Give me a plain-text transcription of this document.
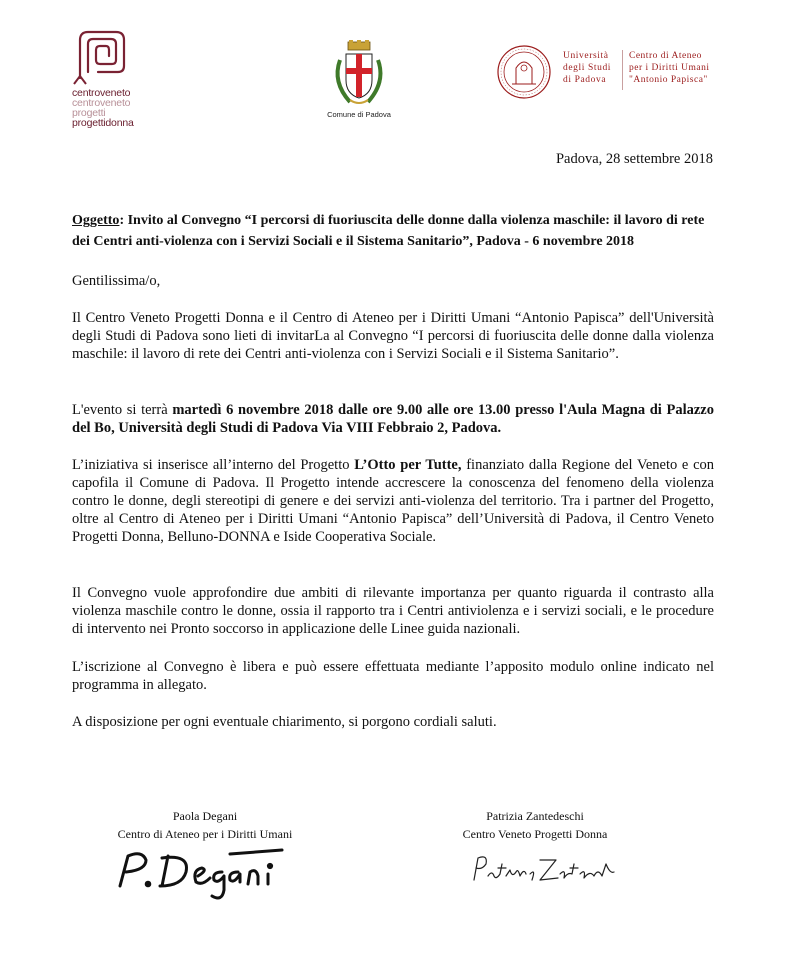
centroveneto
centroveneto progetti
progettidonna
Comune di Padova
Università
degli Studi
di Padova
Centro di Ateneo
per i Diritti Umani
"Antonio Papisca"
Padova, 28 settembre 2018
Oggetto: Invito al Convegno “I percorsi di fuoriuscita delle donne dalla violenza maschile: il lavoro di rete dei Centri anti-violenza con i Servizi Sociali e il Sistema Sanitario”, Padova - 6 novembre 2018
Gentilissima/o,
Il Centro Veneto Progetti Donna e il Centro di Ateneo per i Diritti Umani “Antonio Papisca” dell'Università degli Studi di Padova sono lieti di invitarLa al Convegno “I percorsi di fuoriuscita delle donne dalla violenza maschile: il lavoro di rete dei Centri anti-violenza con i Servizi Sociali e il Sistema Sanitario”.
L'evento si terrà martedì 6 novembre 2018 dalle ore 9.00 alle ore 13.00 presso l'Aula Magna di Palazzo del Bo, Università degli Studi di Padova Via VIII Febbraio 2, Padova.
L’iniziativa si inserisce all’interno del Progetto L’Otto per Tutte, finanziato dalla Regione del Veneto e con capofila il Comune di Padova. Il Progetto intende accrescere la conoscenza del fenomeno della violenza contro le donne, degli stereotipi di genere e dei servizi anti-violenza del territorio. Tra i partner del Progetto, oltre al Centro di Ateneo per i Diritti Umani “Antonio Papisca” dell’Università di Padova, il Centro Veneto Progetti Donna, Belluno-DONNA e Iside Cooperativa Sociale.
Il Convegno vuole approfondire due ambiti di rilevante importanza per quanto riguarda il contrasto alla violenza maschile contro le donne, ossia il rapporto tra i Centri antiviolenza e i servizi sociali, e le procedure di intervento nei Pronto soccorso in applicazione delle Linee guida nazionali.
L’iscrizione al Convegno è libera e può essere effettuata mediante l’apposito modulo online indicato nel programma in allegato.
A disposizione per ogni eventuale chiarimento, si porgono cordiali saluti.
Paola Degani
Centro di Ateneo per i Diritti Umani
Patrizia Zantedeschi
Centro Veneto Progetti Donna
